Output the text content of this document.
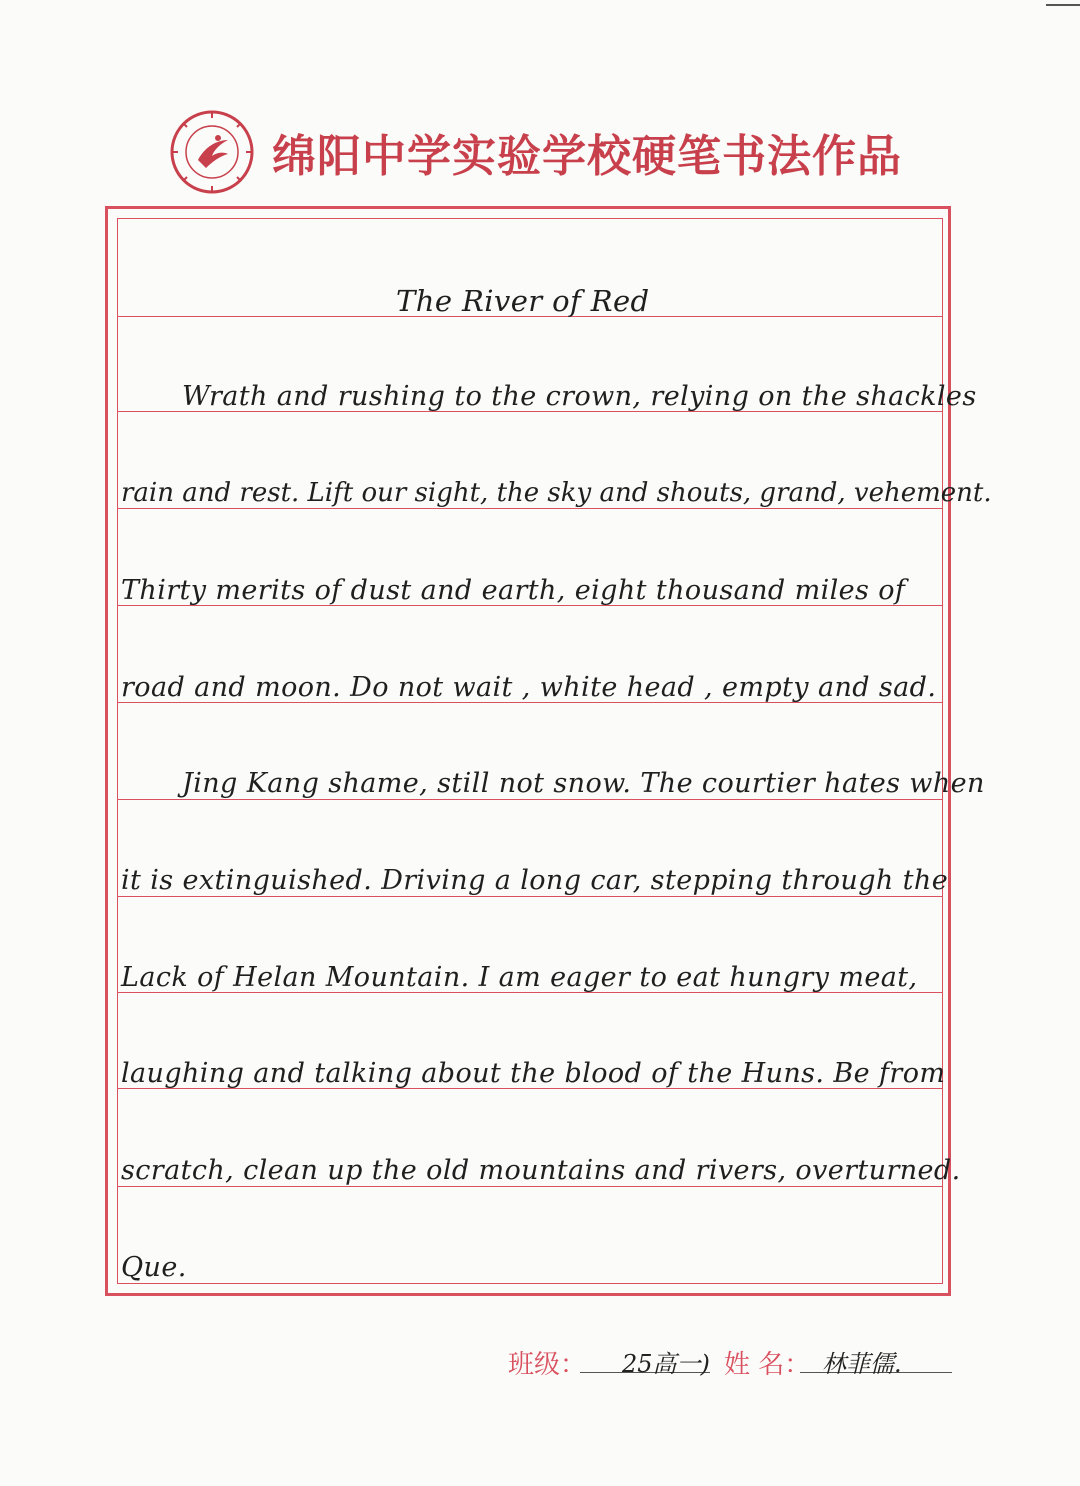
绵阳中学实验学校硬笔书法作品
The River of Red
Wrath and rushing to the crown, relying on the shackles
rain and rest. Lift our sight, the sky and shouts, grand, vehement.
Thirty merits of dust and earth, eight thousand miles of
road and moon. Do not wait , white head , empty and sad.
Jing Kang shame, still not snow. The courtier hates when
it is extinguished. Driving a long car, stepping through the
Lack of Helan Mountain. I am eager to eat hungry meat,
laughing and talking about the blood of the Huns. Be from
scratch, clean up the old mountains and rivers, overturned.
Que.
班级： 25高一) 姓 名： 林菲儒.
